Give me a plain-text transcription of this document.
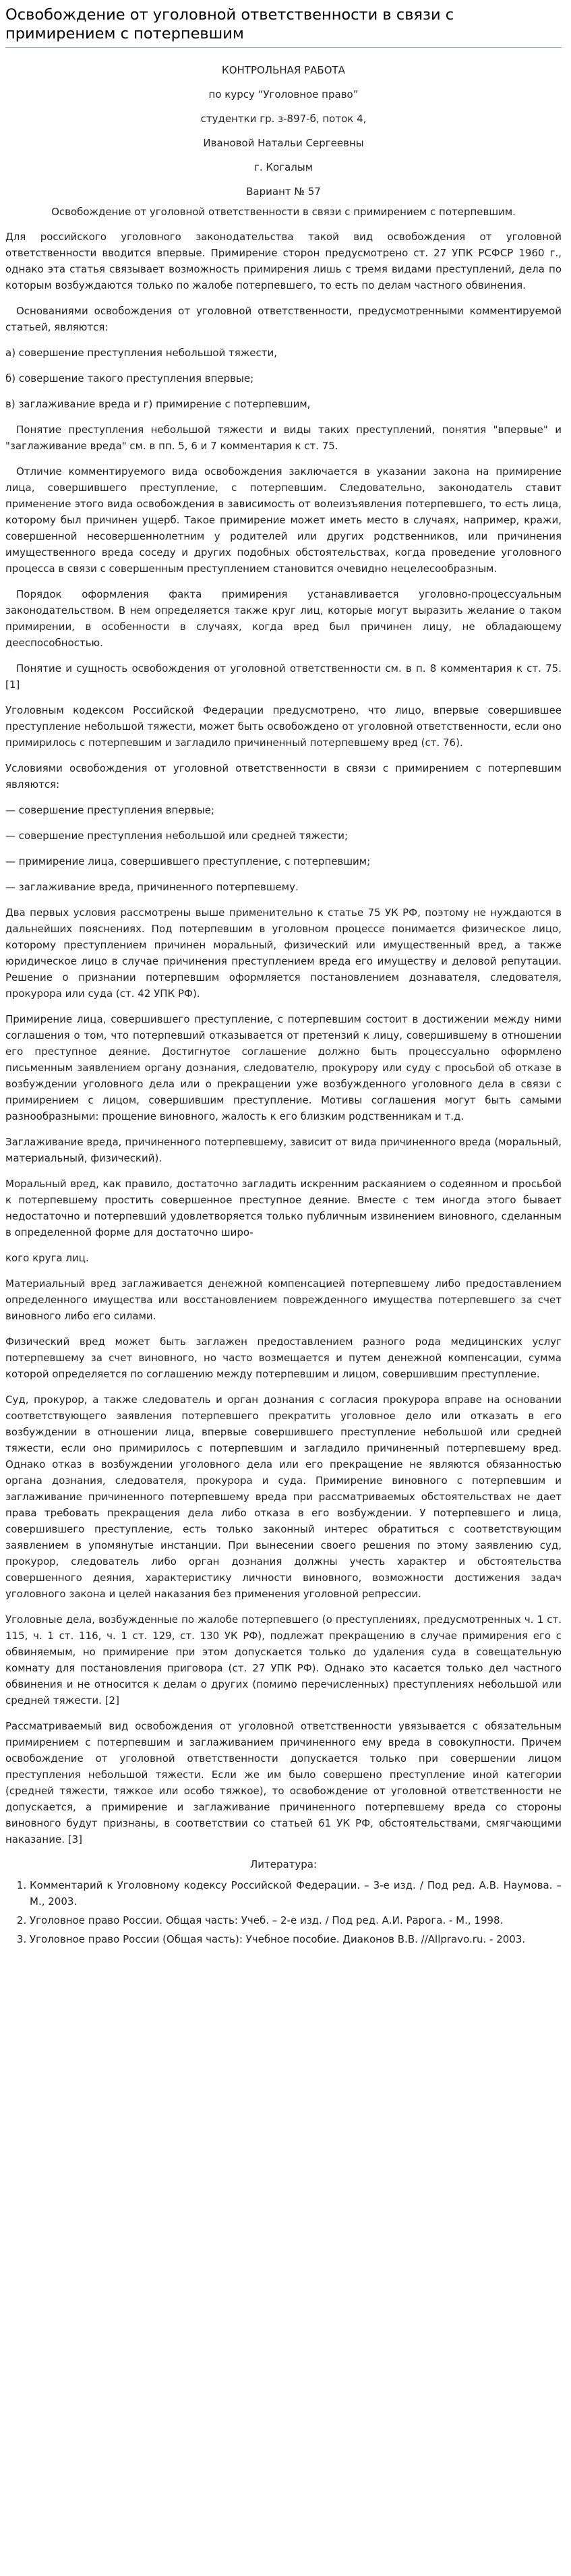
Освобождение от уголовной ответственности в связи с примирением с потерпевшим
КОНТРОЛЬНАЯ РАБОТА
по курсу “Уголовное право”
студентки гр. з-897-б, поток 4,
Ивановой Натальи Сергеевны
г. Когалым
Вариант № 57
Освобождение от уголовной ответственности в связи с примирением с потерпевшим.

Для российского уголовного законодательства такой вид освобождения от уголовной ответственности вводится впервые. Примирение сторон предусмотрено ст. 27 УПК РСФСР 1960 г., однако эта статья связывает возможность примирения лишь с тремя видами преступлений, дела по которым возбуждаются только по жалобе потерпевшего, то есть по делам частного обвинения.

Основаниями освобождения от уголовной ответственности, предусмотренными комментируемой статьей, являются:

а) совершение преступления небольшой тяжести,

б) совершение такого преступления впервые;

в) заглаживание вреда и г) примирение с потерпевшим,

Понятие преступления небольшой тяжести и виды таких преступлений, понятия "впервые" и "заглаживание вреда" см. в пп. 5, 6 и 7 комментария к ст. 75.

Отличие комментируемого вида освобождения заключается в указании закона на примирение лица, совершившего преступление, с потерпевшим. Следовательно, законодатель ставит применение этого вида освобождения в зависимость от волеизъявления потерпевшего, то есть лица, которому был причинен ущерб. Такое примирение может иметь место в случаях, например, кражи, совершенной несовершеннолетним у родителей или других родственников, или причинения имущественного вреда соседу и других подобных обстоятельствах, когда проведение уголовного процесса в связи с совершенным преступлением становится очевидно нецелесообразным.

Порядок оформления факта примирения устанавливается уголовно-процессуальным законодательством. В нем определяется также круг лиц, которые могут выразить желание о таком примирении, в особенности в случаях, когда вред был причинен лицу, не обладающему дееспособностью.

Понятие и сущность освобождения от уголовной ответственности см. в п. 8 комментария к ст. 75. [1]

Уголовным кодексом Российской Федерации предусмотрено, что лицо, впервые совершившее преступление небольшой тяжести, может быть освобождено от уголовной ответственности, если оно примирилось с потерпевшим и загладило причиненный потерпевшему вред (ст. 76).

Условиями освобождения от уголовной ответственности в связи с примирением с потерпевшим являются:

— совершение преступления впервые;

— совершение преступления небольшой или средней тяжести;

— примирение лица, совершившего преступление, с потерпевшим;

— заглаживание вреда, причиненного потерпевшему.

Два первых условия рассмотрены выше применительно к статье 75 УК РФ, поэтому не нуждаются в дальнейших пояснениях. Под потерпевшим в уголовном процессе понимается физическое лицо, которому преступлением причинен моральный, физический или имущественный вред, а также юридическое лицо в случае причинения преступлением вреда его имуществу и деловой репутации. Решение о признании потерпевшим оформляется постановлением дознавателя, следователя, прокурора или суда (ст. 42 УПК РФ).

Примирение лица, совершившего преступление, с потерпевшим состоит в достижении между ними соглашения о том, что потерпевший отказывается от претензий к лицу, совершившему в отношении его преступное деяние. Достигнутое соглашение должно быть процессуально оформлено письменным заявлением органу дознания, следователю, прокурору или суду с просьбой об отказе в возбуждении уголовного дела или о прекращении уже возбужденного уголовного дела в связи с примирением с лицом, совершившим преступление. Мотивы соглашения могут быть самыми разнообразными: прощение виновного, жалость к его близким родственникам и т.д.

Заглаживание вреда, причиненного потерпевшему, зависит от вида причиненного вреда (моральный, материальный, физический).

Моральный вред, как правило, достаточно загладить искренним раскаянием о содеянном и просьбой к потерпевшему простить совершенное преступное деяние. Вместе с тем иногда этого бывает недостаточно и потерпевший удовлетворяется только публичным извинением виновного, сделанным в определенной форме для достаточно широ-

кого круга лиц.

Материальный вред заглаживается денежной компенсацией потерпевшему либо предоставлением определенного имущества или восстановлением поврежденного имущества потерпевшего за счет виновного либо его силами.

Физический вред может быть заглажен предоставлением разного рода медицинских услуг потерпевшему за счет виновного, но часто возмещается и путем денежной компенсации, сумма которой определяется по соглашению между потерпевшим и лицом, совершившим преступление.

Суд, прокурор, а также следователь и орган дознания с согласия прокурора вправе на основании соответствующего заявления потерпевшего прекратить уголовное дело или отказать в его возбуждении в отношении лица, впервые совершившего преступление небольшой или средней тяжести, если оно примирилось с потерпевшим и загладило причиненный потерпевшему вред. Однако отказ в возбуждении уголовного дела или его прекращение не являются обязанностью органа дознания, следователя, прокурора и суда. Примирение виновного с потерпевшим и заглаживание причиненного потерпевшему вреда при рассматриваемых обстоятельствах не дает права требовать прекращения дела либо отказа в его возбуждении. У потерпевшего и лица, совершившего преступление, есть только законный интерес обратиться с соответствующим заявлением в упомянутые инстанции. При вынесении своего решения по этому заявлению суд, прокурор, следователь либо орган дознания должны учесть характер и обстоятельства совершенного деяния, характеристику личности виновного, возможности достижения задач уголовного закона и целей наказания без применения уголовной репрессии.

Уголовные дела, возбужденные по жалобе потерпевшего (о преступлениях, предусмотренных ч. 1 ст. 115, ч. 1 ст. 116, ч. 1 ст. 129, ст. 130 УК РФ), подлежат прекращению в случае примирения его с обвиняемым, но примирение при этом допускается только до удаления суда в совещательную комнату для постановления приговора (ст. 27 УПК РФ). Однако это касается только дел частного обвинения и не относится к делам о других (помимо перечисленных) преступлениях небольшой или средней тяжести. [2]

Рассматриваемый вид освобождения от уголовной ответственности увязывается с обязательным примирением с потерпевшим и заглаживанием причиненного ему вреда в совокупности. Причем освобождение от уголовной ответственности допускается только при совершении лицом преступления небольшой тяжести. Если же им было совершено преступление иной категории (средней тяжести, тяжкое или особо тяжкое), то освобождение от уголовной ответственности не допускается, а примирение и заглаживание причиненного потерпевшему вреда со стороны виновного будут признаны, в соответствии со статьей 61 УК РФ, обстоятельствами, смягчающими наказание. [3]

Литература:
1. Комментарий к Уголовному кодексу Российской Федерации. – 3-е изд. / Под ред. А.В. Наумова. – М., 2003.
2. Уголовное право России. Общая часть: Учеб. – 2-е изд. / Под ред. А.И. Рарога. - М., 1998.
3. Уголовное право России (Общая часть): Учебное пособие. Диаконов В.В. //Allpravo.ru. - 2003.
